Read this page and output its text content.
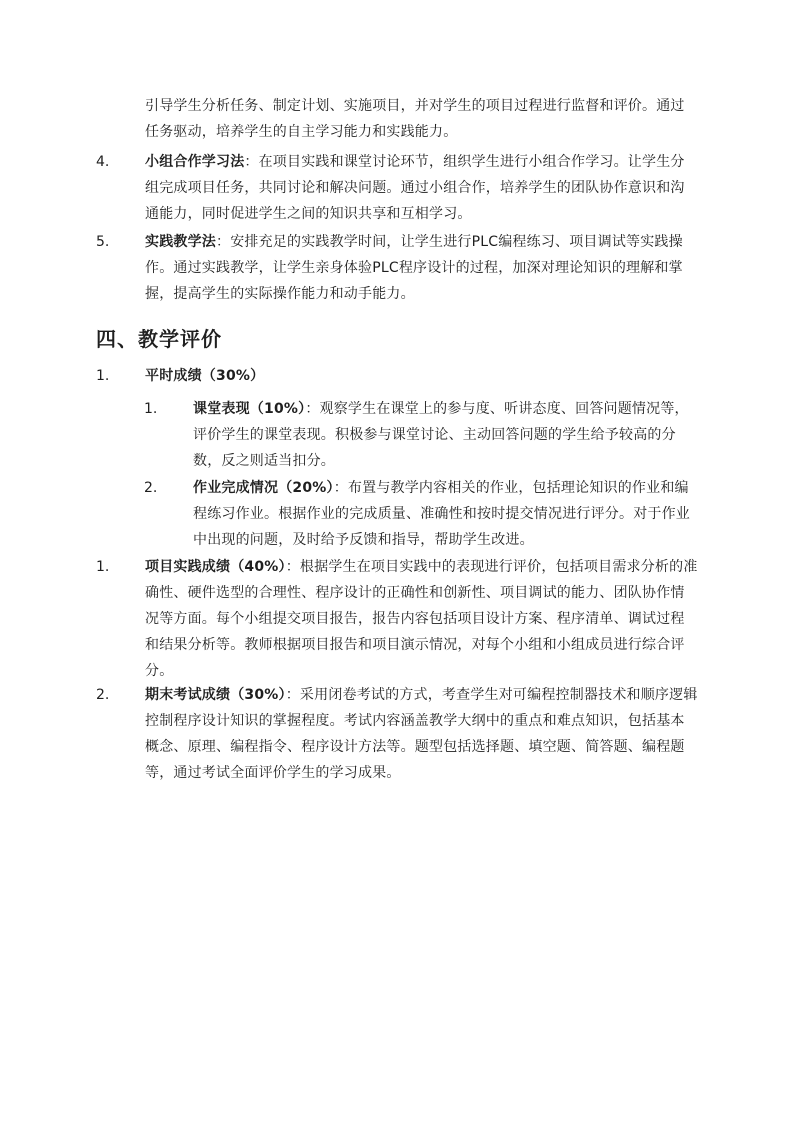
引导学生分析任务、制定计划、实施项目，并对学生的项目过程进行监督和评价。通过任务驱动，培养学生的自主学习能力和实践能力。
4.	小组合作学习法：在项目实践和课堂讨论环节，组织学生进行小组合作学习。让学生分组完成项目任务，共同讨论和解决问题。通过小组合作，培养学生的团队协作意识和沟通能力，同时促进学生之间的知识共享和互相学习。
5.	实践教学法：安排充足的实践教学时间，让学生进行PLC编程练习、项目调试等实践操作。通过实践教学，让学生亲身体验PLC程序设计的过程，加深对理论知识的理解和掌握，提高学生的实际操作能力和动手能力。
四、教学评价
1.	平时成绩（30%）
1.	课堂表现（10%）：观察学生在课堂上的参与度、听讲态度、回答问题情况等，评价学生的课堂表现。积极参与课堂讨论、主动回答问题的学生给予较高的分数，反之则适当扣分。
2.	作业完成情况（20%）：布置与教学内容相关的作业，包括理论知识的作业和编程练习作业。根据作业的完成质量、准确性和按时提交情况进行评分。对于作业中出现的问题，及时给予反馈和指导，帮助学生改进。
1.	项目实践成绩（40%）：根据学生在项目实践中的表现进行评价，包括项目需求分析的准确性、硬件选型的合理性、程序设计的正确性和创新性、项目调试的能力、团队协作情况等方面。每个小组提交项目报告，报告内容包括项目设计方案、程序清单、调试过程和结果分析等。教师根据项目报告和项目演示情况，对每个小组和小组成员进行综合评分。
2.	期末考试成绩（30%）：采用闭卷考试的方式，考查学生对可编程控制器技术和顺序逻辑控制程序设计知识的掌握程度。考试内容涵盖教学大纲中的重点和难点知识，包括基本概念、原理、编程指令、程序设计方法等。题型包括选择题、填空题、简答题、编程题等，通过考试全面评价学生的学习成果。
